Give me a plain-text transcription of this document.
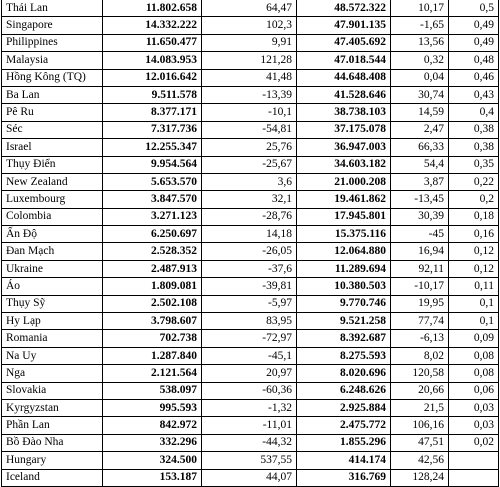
Thái Lan	11.802.658	64,47	48.572.322	10,17	0,5
Singapore	14.332.222	102,3	47.901.135	-1,65	0,49
Philippines	11.650.477	9,91	47.405.692	13,56	0,49
Malaysia	14.083.953	121,28	47.018.544	0,32	0,48
Hồng Kông (TQ)	12.016.642	41,48	44.648.408	0,04	0,46
Ba Lan	9.511.578	-13,39	41.528.646	30,74	0,43
Pê Ru	8.377.171	-10,1	38.738.103	14,59	0,4
Séc	7.317.736	-54,81	37.175.078	2,47	0,38
Israel	12.255.347	25,76	36.947.003	66,33	0,38
Thụy Điển	9.954.564	-25,67	34.603.182	54,4	0,35
New Zealand	5.653.570	3,6	21.000.208	3,87	0,22
Luxembourg	3.847.570	32,1	19.461.862	-13,45	0,2
Colombia	3.271.123	-28,76	17.945.801	30,39	0,18
Ấn Độ	6.250.697	14,18	15.375.116	-45	0,16
Đan Mạch	2.528.352	-26,05	12.064.880	16,94	0,12
Ukraine	2.487.913	-37,6	11.289.694	92,11	0,12
Áo	1.809.081	-39,81	10.380.503	-10,17	0,11
Thụy Sỹ	2.502.108	-5,97	9.770.746	19,95	0,1
Hy Lạp	3.798.607	83,95	9.521.258	77,74	0,1
Romania	702.738	-72,97	8.392.687	-6,13	0,09
Na Uy	1.287.840	-45,1	8.275.593	8,02	0,08
Nga	2.121.564	20,97	8.020.696	120,58	0,08
Slovakia	538.097	-60,36	6.248.626	20,66	0,06
Kyrgyzstan	995.593	-1,32	2.925.884	21,5	0,03
Phần Lan	842.972	-11,01	2.475.772	106,16	0,03
Bồ Đào Nha	332.296	-44,32	1.855.296	47,51	0,02
Hungary	324.500	537,55	414.174	42,56	
Iceland	153.187	44,07	316.769	128,24	
